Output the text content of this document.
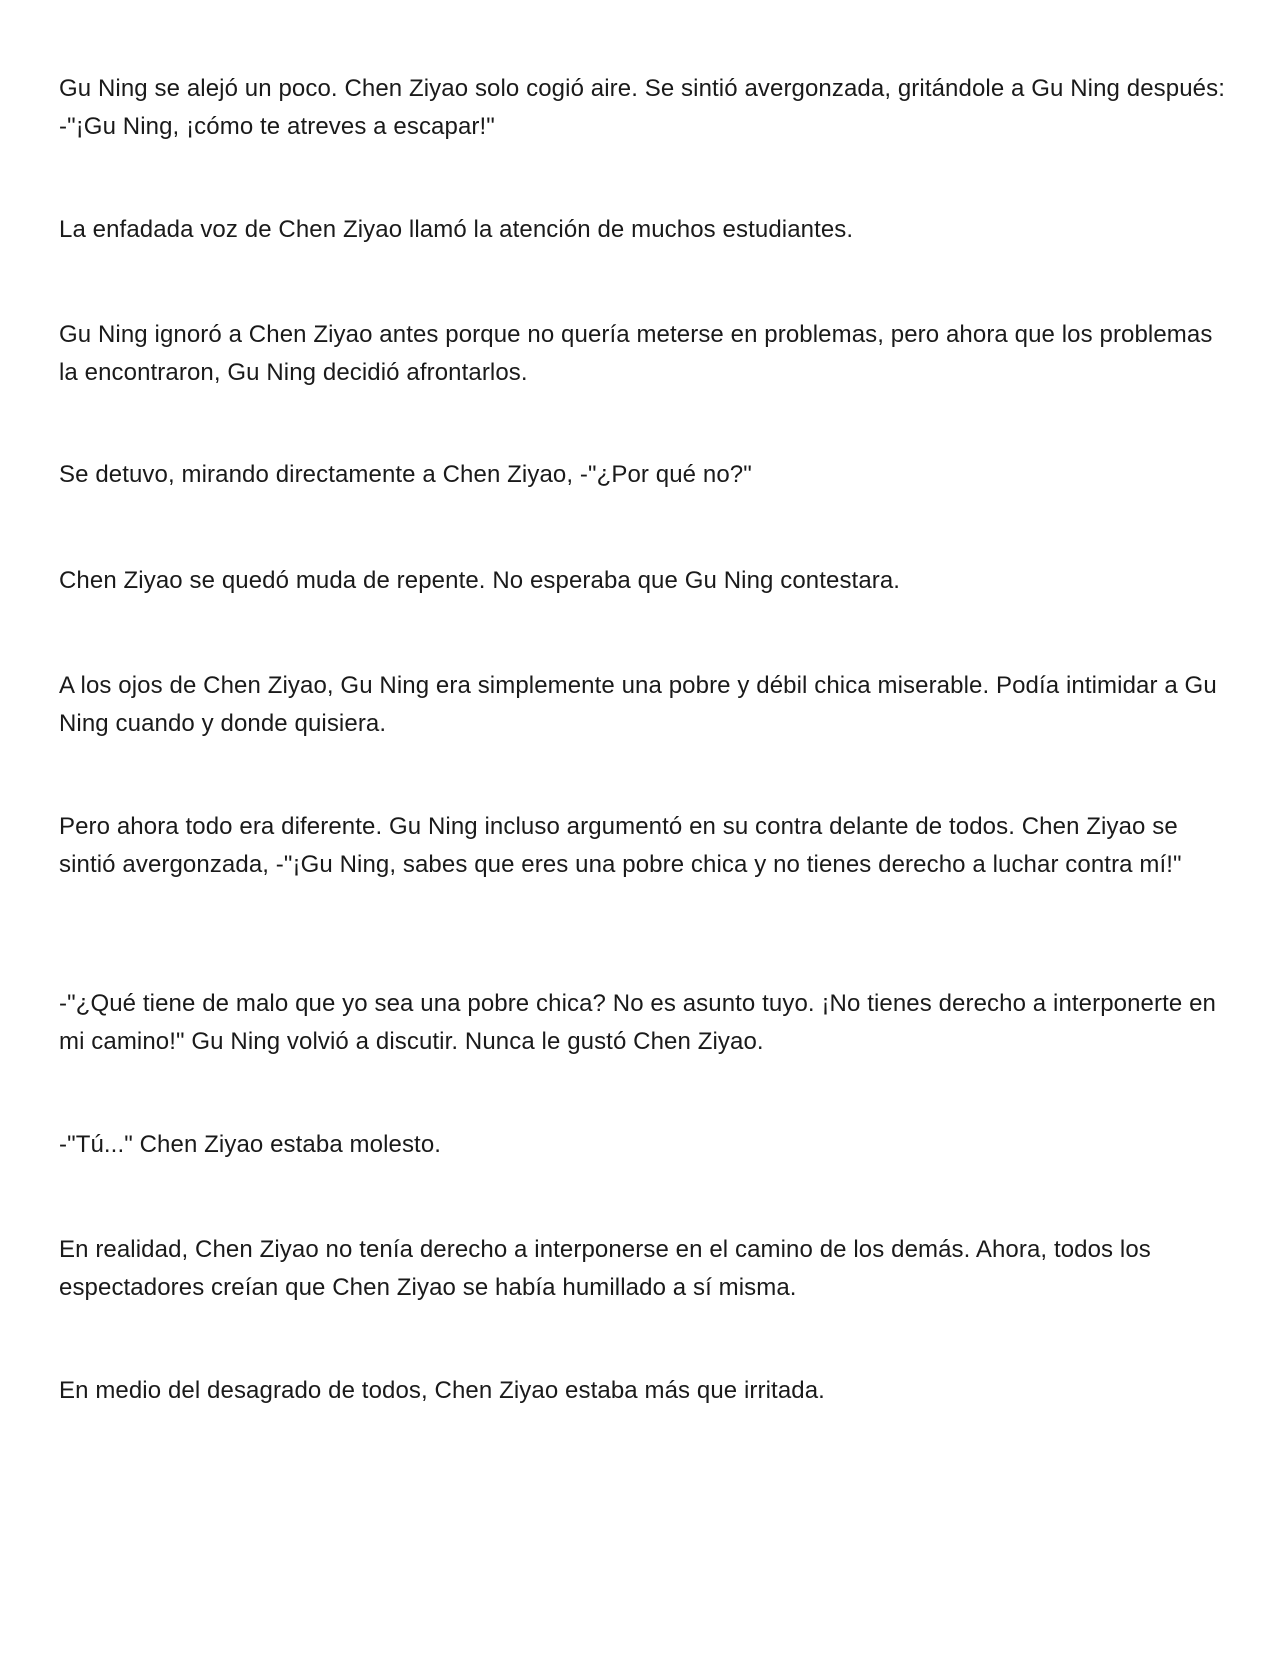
Gu Ning se alejó un poco. Chen Ziyao solo cogió aire. Se sintió avergonzada, gritándole a Gu Ning después: -"¡Gu Ning, ¡cómo te atreves a escapar!"

La enfadada voz de Chen Ziyao llamó la atención de muchos estudiantes.

Gu Ning ignoró a Chen Ziyao antes porque no quería meterse en problemas, pero ahora que los problemas la encontraron, Gu Ning decidió afrontarlos.

Se detuvo, mirando directamente a Chen Ziyao, -"¿Por qué no?"

Chen Ziyao se quedó muda de repente. No esperaba que Gu Ning contestara.

A los ojos de Chen Ziyao, Gu Ning era simplemente una pobre y débil chica miserable. Podía intimidar a Gu Ning cuando y donde quisiera.

Pero ahora todo era diferente. Gu Ning incluso argumentó en su contra delante de todos. Chen Ziyao se sintió avergonzada, -"¡Gu Ning, sabes que eres una pobre chica y no tienes derecho a luchar contra mí!"

-"¿Qué tiene de malo que yo sea una pobre chica? No es asunto tuyo. ¡No tienes derecho a interponerte en mi camino!" Gu Ning volvió a discutir. Nunca le gustó Chen Ziyao.

-"Tú..." Chen Ziyao estaba molesto.

En realidad, Chen Ziyao no tenía derecho a interponerse en el camino de los demás. Ahora, todos los espectadores creían que Chen Ziyao se había humillado a sí misma.

En medio del desagrado de todos, Chen Ziyao estaba más que irritada.
